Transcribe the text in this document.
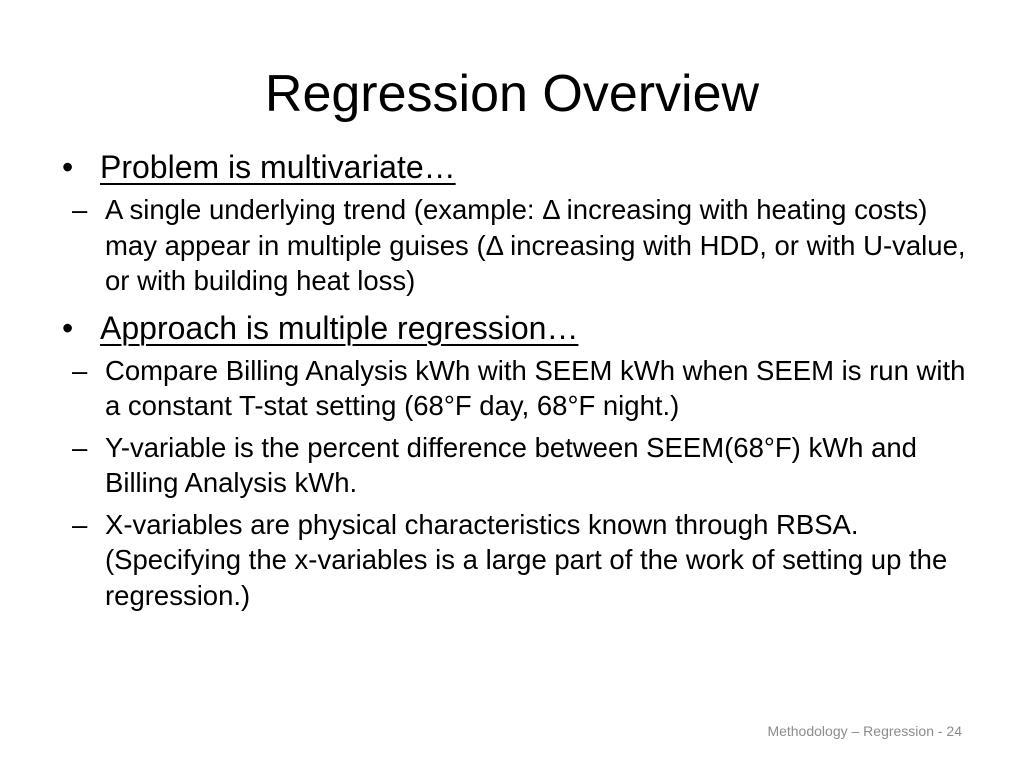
Regression Overview
• Problem is multivariate…
– A single underlying trend (example: Δ increasing with heating costs) may appear in multiple guises (Δ increasing with HDD, or with U-value, or with building heat loss)
• Approach is multiple regression…
– Compare Billing Analysis kWh with SEEM kWh when SEEM is run with a constant T-stat setting (68°F day, 68°F night.)
– Y-variable is the percent difference between SEEM(68°F) kWh and Billing Analysis kWh.
– X-variables are physical characteristics known through RBSA. (Specifying the x-variables is a large part of the work of setting up the regression.)
Methodology – Regression - 24
